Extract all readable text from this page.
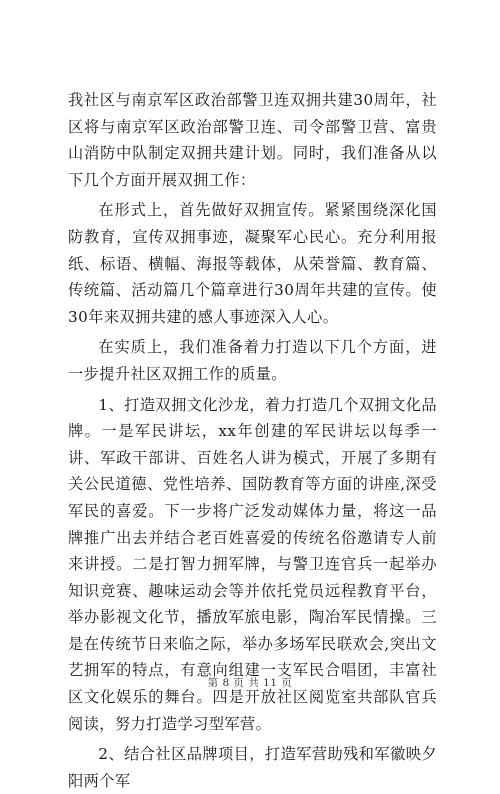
我社区与南京军区政治部警卫连双拥共建30周年，社区将与南京军区政治部警卫连、司令部警卫营、富贵山消防中队制定双拥共建计划。同时，我们准备从以下几个方面开展双拥工作：

在形式上，首先做好双拥宣传。紧紧围绕深化国防教育，宣传双拥事迹，凝聚军心民心。充分利用报纸、标语、横幅、海报等载体，从荣誉篇、教育篇、传统篇、活动篇几个篇章进行30周年共建的宣传。使30年来双拥共建的感人事迹深入人心。

在实质上，我们准备着力打造以下几个方面，进一步提升社区双拥工作的质量。

1、打造双拥文化沙龙，着力打造几个双拥文化品牌。一是军民讲坛，xx年创建的军民讲坛以每季一讲、军政干部讲、百姓名人讲为模式，开展了多期有关公民道德、党性培养、国防教育等方面的讲座,深受军民的喜爱。下一步将广泛发动媒体力量，将这一品牌推广出去并结合老百姓喜爱的传统名俗邀请专人前来讲授。二是打智力拥军牌，与警卫连官兵一起举办知识竞赛、趣味运动会等并依托党员远程教育平台，举办影视文化节，播放军旅电影，陶冶军民情操。三是在传统节日来临之际，举办多场军民联欢会,突出文艺拥军的特点，有意向组建一支军民合唱团，丰富社区文化娱乐的舞台。四是开放社区阅览室共部队官兵阅读，努力打造学习型军营。

2、结合社区品牌项目，打造军营助残和军徽映夕阳两个军

第 8 页 共 11 页
